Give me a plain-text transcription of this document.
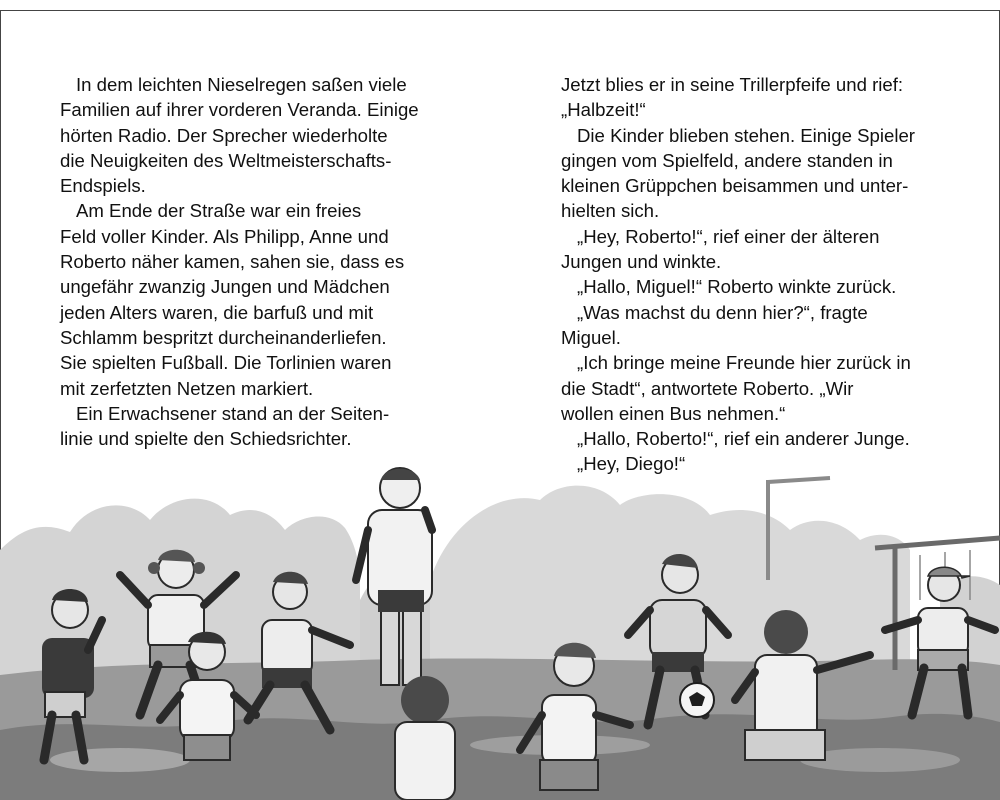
In dem leichten Nieselregen saßen viele
Familien auf ihrer vorderen Veranda. Einige
hörten Radio. Der Sprecher wiederholte
die Neuigkeiten des Weltmeisterschafts-
Endspiels.

Am Ende der Straße war ein freies
Feld voller Kinder. Als Philipp, Anne und
Roberto näher kamen, sahen sie, dass es
ungefähr zwanzig Jungen und Mädchen
jeden Alters waren, die barfuß und mit
Schlamm bespritzt durcheinanderliefen.
Sie spielten Fußball. Die Torlinien waren
mit zerfetzten Netzen markiert.

Ein Erwachsener stand an der Seiten-
linie und spielte den Schiedsrichter.

Jetzt blies er in seine Trillerpfeife und rief:
„Halbzeit!“

Die Kinder blieben stehen. Einige Spieler
gingen vom Spielfeld, andere standen in
kleinen Grüppchen beisammen und unter-
hielten sich.

„Hey, Roberto!“, rief einer der älteren
Jungen und winkte.

„Hallo, Miguel!“ Roberto winkte zurück.

„Was machst du denn hier?“, fragte
Miguel.

„Ich bringe meine Freunde hier zurück in
die Stadt“, antwortete Roberto. „Wir
wollen einen Bus nehmen.“

„Hallo, Roberto!“, rief ein anderer Junge.

„Hey, Diego!“
